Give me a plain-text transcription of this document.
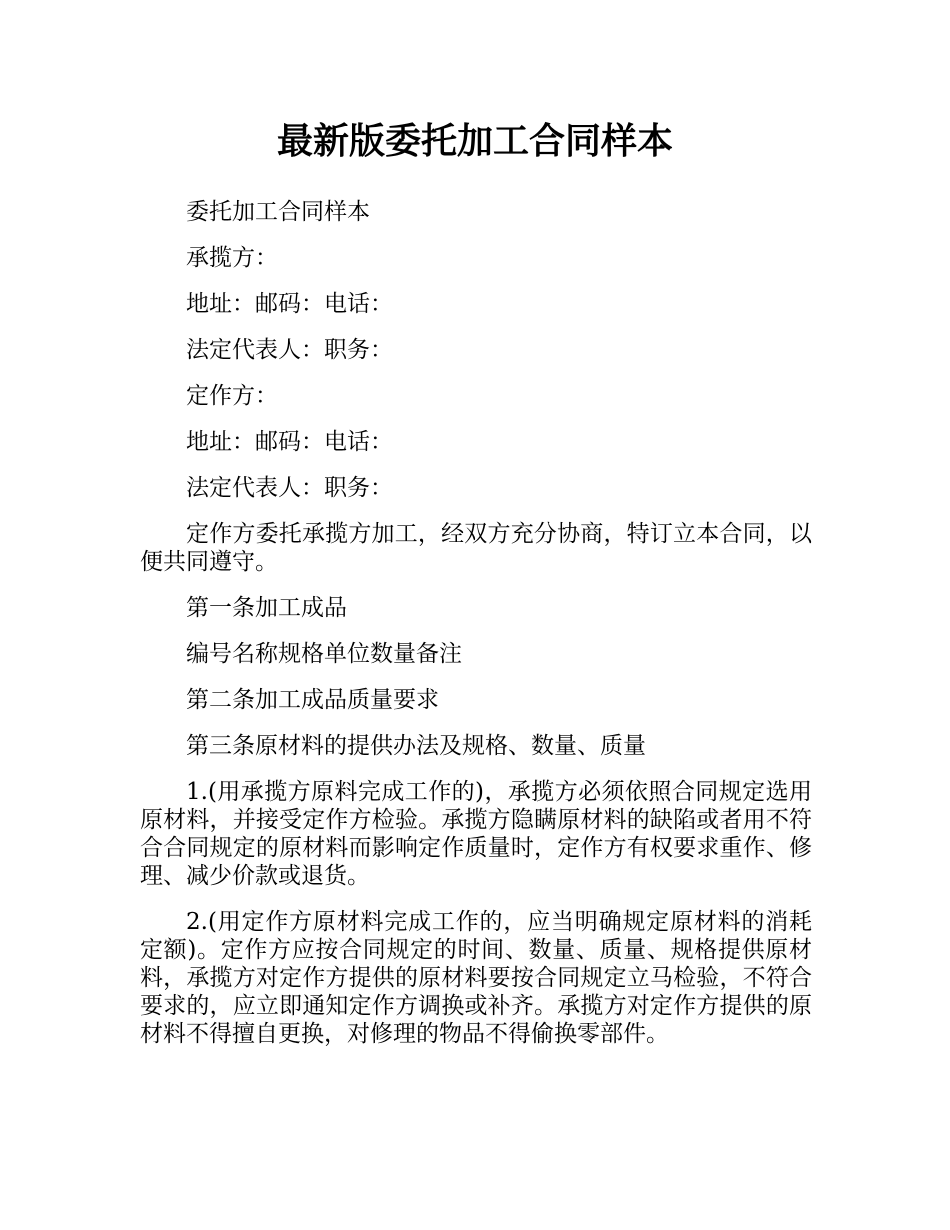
最新版委托加工合同样本

委托加工合同样本

承揽方：

地址：邮码：电话：

法定代表人：职务：

定作方：

地址：邮码：电话：

法定代表人：职务：

定作方委托承揽方加工，经双方充分协商，特订立本合同，以便共同遵守。

第一条加工成品

编号名称规格单位数量备注

第二条加工成品质量要求

第三条原材料的提供办法及规格、数量、质量

1.(用承揽方原料完成工作的)，承揽方必须依照合同规定选用原材料，并接受定作方检验。承揽方隐瞒原材料的缺陷或者用不符合合同规定的原材料而影响定作质量时，定作方有权要求重作、修理、减少价款或退货。

2.(用定作方原材料完成工作的，应当明确规定原材料的消耗定额)。定作方应按合同规定的时间、数量、质量、规格提供原材料，承揽方对定作方提供的原材料要按合同规定立马检验，不符合要求的，应立即通知定作方调换或补齐。承揽方对定作方提供的原材料不得擅自更换，对修理的物品不得偷换零部件。
